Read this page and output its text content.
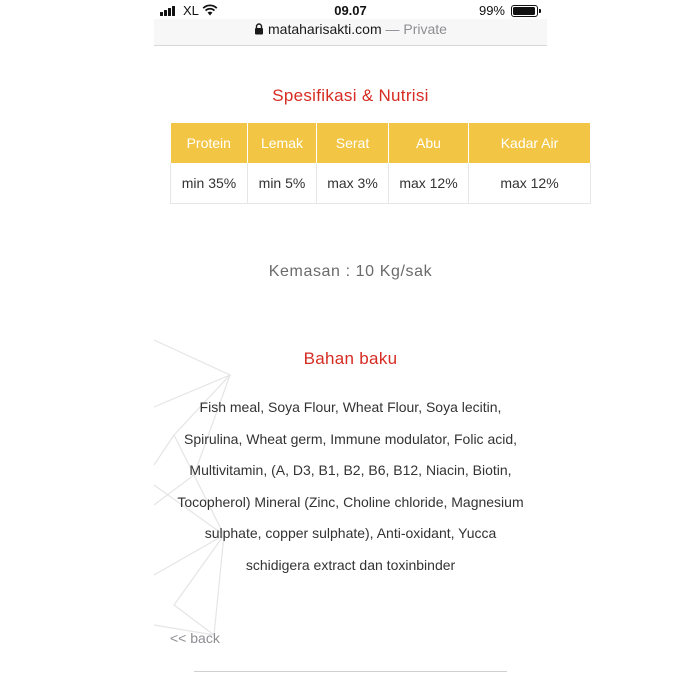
XL	09.07	99%
mataharisakti.com — Private
Spesifikasi & Nutrisi
Protein	Lemak	Serat	Abu	Kadar Air
min 35%	min 5%	max 3%	max 12%	max 12%
Kemasan : 10 Kg/sak
Bahan baku
Fish meal, Soya Flour, Wheat Flour, Soya lecitin,
Spirulina, Wheat germ, Immune modulator, Folic acid,
Multivitamin, (A, D3, B1, B2, B6, B12, Niacin, Biotin,
Tocopherol) Mineral (Zinc, Choline chloride, Magnesium
sulphate, copper sulphate), Anti-oxidant, Yucca
schidigera extract dan toxinbinder
<< back
